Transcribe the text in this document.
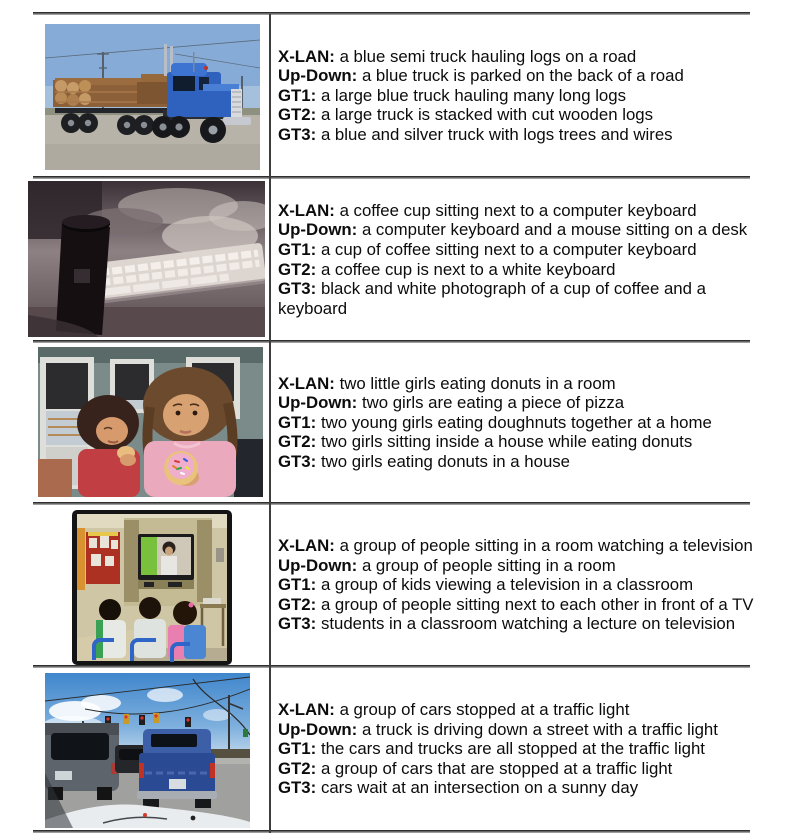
X-LAN: a blue semi truck hauling logs on a road
Up-Down: a blue truck is parked on the back of a road
GT1: a large blue truck hauling many long logs
GT2: a large truck is stacked with cut wooden logs
GT3: a blue and silver truck with logs trees and wires
X-LAN: a coffee cup sitting next to a computer keyboard
Up-Down: a computer keyboard and a mouse sitting on a desk
GT1: a cup of coffee sitting next to a computer keyboard
GT2: a coffee cup is next to a white keyboard
GT3: black and white photograph of a cup of coffee and a keyboard
X-LAN: two little girls eating donuts in a room
Up-Down: two girls are eating a piece of pizza
GT1: two young girls eating doughnuts together at a home
GT2: two girls sitting inside a house while eating donuts
GT3: two girls eating donuts in a house
X-LAN: a group of people sitting in a room watching a television
Up-Down: a group of people sitting in a room
GT1: a group of kids viewing a television in a classroom
GT2: a group of people sitting next to each other in front of a TV
GT3: students in a classroom watching a lecture on television
X-LAN: a group of cars stopped at a traffic light
Up-Down: a truck is driving down a street with a traffic light
GT1: the cars and trucks are all stopped at the traffic light
GT2: a group of cars that are stopped at a traffic light
GT3: cars wait at an intersection on a sunny day
